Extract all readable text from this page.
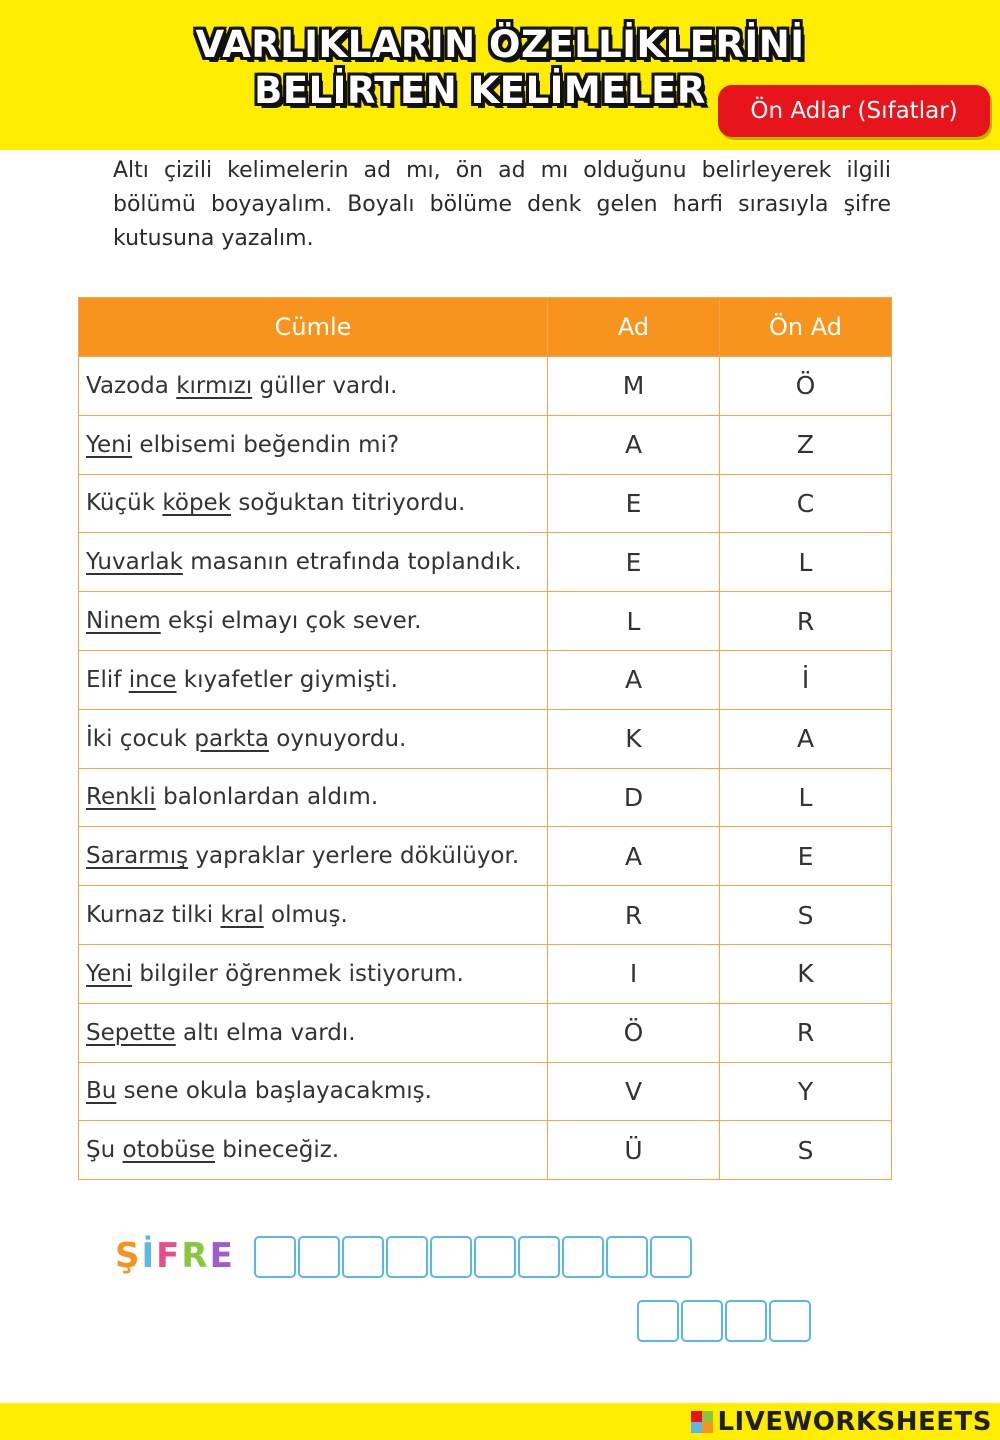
VARLIKLARIN ÖZELLİKLERİNİ
BELİRTEN KELİMELER	Ön Adlar (Sıfatlar)

Altı çizili kelimelerin ad mı, ön ad mı olduğunu belirleyerek ilgili bölümü boyayalım. Boyalı bölüme denk gelen harfi sırasıyla şifre kutusuna yazalım.

Cümle	Ad	Ön Ad
Vazoda kırmızı güller vardı.	M	Ö
Yeni elbisemi beğendin mi?	A	Z
Küçük köpek soğuktan titriyordu.	E	C
Yuvarlak masanın etrafında toplandık.	E	L
Ninem ekşi elmayı çok sever.	L	R
Elif ince kıyafetler giymişti.	A	İ
İki çocuk parkta oynuyordu.	K	A
Renkli balonlardan aldım.	D	L
Sararmış yapraklar yerlere dökülüyor.	A	E
Kurnaz tilki kral olmuş.	R	S
Yeni bilgiler öğrenmek istiyorum.	I	K
Sepette altı elma vardı.	Ö	R
Bu sene okula başlayacakmış.	V	Y
Şu otobüse bineceğiz.	Ü	S
ŞİFRE
LIVEWORKSHEETS
